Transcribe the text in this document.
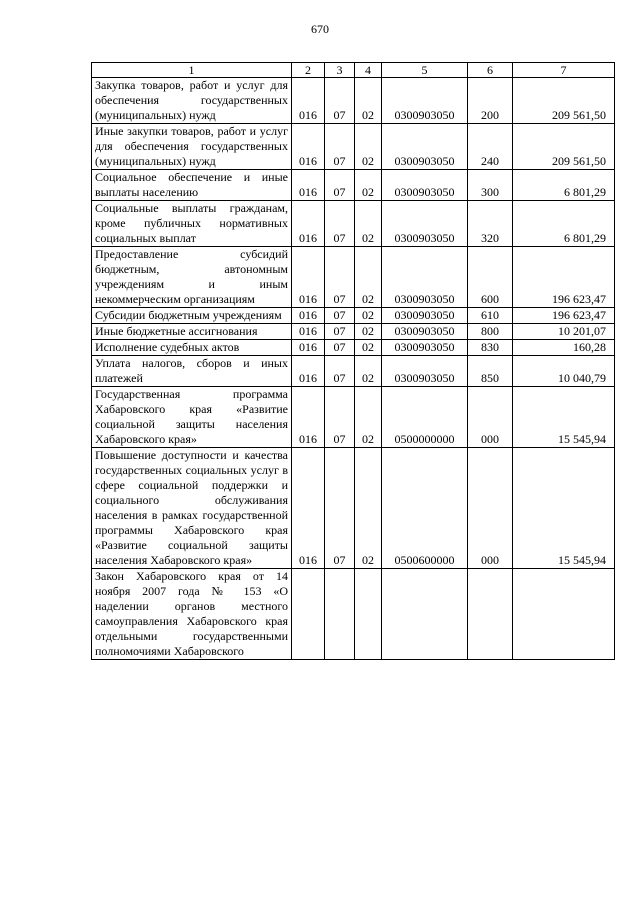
670
1	2	3	4	5	6	7
Закупка товаров, работ и услуг для обеспечения государственных (муниципальных) нужд	016	07	02	0300903050	200	209 561,50
Иные закупки товаров, работ и услуг для обеспечения государственных (муниципальных) нужд	016	07	02	0300903050	240	209 561,50
Социальное обеспечение и иные выплаты населению	016	07	02	0300903050	300	6 801,29
Социальные выплаты гражданам, кроме публичных нормативных социальных выплат	016	07	02	0300903050	320	6 801,29
Предоставление субсидий бюджетным, автономным учреждениям и иным некоммерческим организациям	016	07	02	0300903050	600	196 623,47
Субсидии бюджетным учреждениям	016	07	02	0300903050	610	196 623,47
Иные бюджетные ассигнования	016	07	02	0300903050	800	10 201,07
Исполнение судебных актов	016	07	02	0300903050	830	160,28
Уплата налогов, сборов и иных платежей	016	07	02	0300903050	850	10 040,79
Государственная программа Хабаровского края «Развитие социальной защиты населения Хабаровского края»	016	07	02	0500000000	000	15 545,94
Повышение доступности и качества государственных социальных услуг в сфере социальной поддержки и социального обслуживания населения в рамках государственной программы Хабаровского края «Развитие социальной защиты населения Хабаровского края»	016	07	02	0500600000	000	15 545,94
Закон Хабаровского края от 14 ноября 2007 года № 153 «О наделении органов местного самоуправления Хабаровского края отдельными государственными полномочиями Хабаровского						
